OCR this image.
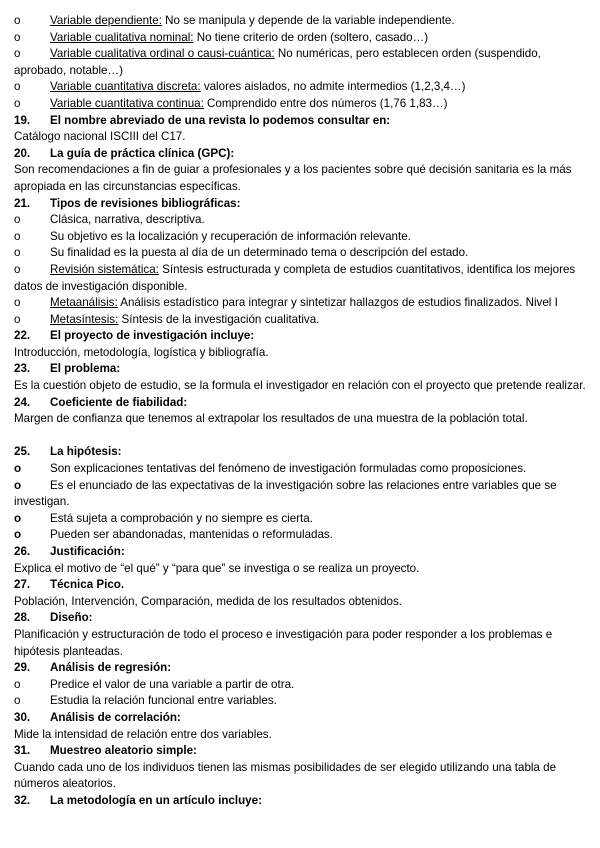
o	Variable dependiente: No se manipula y depende de la variable independiente.
o	Variable cualitativa nominal: No tiene criterio de orden (soltero, casado…)
o	Variable cualitativa ordinal o causi-cuántica: No numéricas, pero establecen orden (suspendido, aprobado, notable…)
o	Variable cuantitativa discreta: valores aislados, no admite intermedios (1,2,3,4…)
o	Variable cuantitativa continua: Comprendido entre dos números (1,76 1,83…)
19. El nombre abreviado de una revista lo podemos consultar en:
Catálogo nacional ISCIII del C17.
20. La guía de práctica clínica (GPC):
Son recomendaciones a fin de guiar a profesionales y a los pacientes sobre qué decisión sanitaria es la más apropiada en las circunstancias específicas.
21. Tipos de revisiones bibliográficas:
o	Clásica, narrativa, descriptiva.
o	Su objetivo es la localización y recuperación de información relevante.
o	Su finalidad es la puesta al día de un determinado tema o descripción del estado.
o	Revisión sistemática: Síntesis estructurada y completa de estudios cuantitativos, identifica los mejores datos de investigación disponible.
o	Metaanálisis: Análisis estadístico para integrar y sintetizar hallazgos de estudios finalizados. Nivel I
o	Metasíntesis: Síntesis de la investigación cualitativa.
22. El proyecto de investigación incluye:
Introducción, metodología, logística y bibliografía.
23. El problema:
Es la cuestión objeto de estudio, se la formula el investigador en relación con el proyecto que pretende realizar.
24. Coeficiente de fiabilidad:
Margen de confianza que tenemos al extrapolar los resultados de una muestra de la población total.
25. La hipótesis:
o Son explicaciones tentativas del fenómeno de investigación formuladas como proposiciones.
o Es el enunciado de las expectativas de la investigación sobre las relaciones entre variables que se investigan.
o Está sujeta a comprobación y no siempre es cierta.
o Pueden ser abandonadas, mantenidas o reformuladas.
26. Justificación:
Explica el motivo de “el qué” y “para que” se investiga o se realiza un proyecto.
27. Técnica Pico.
Población, Intervención, Comparación, medida de los resultados obtenidos.
28. Diseño:
Planificación y estructuración de todo el proceso e investigación para poder responder a los problemas e hipótesis planteadas.
29. Análisis de regresión:
o	Predice el valor de una variable a partir de otra.
o	Estudia la relación funcional entre variables.
30. Análisis de correlación:
Mide la intensidad de relación entre dos variables.
31. Muestreo aleatorio simple:
Cuando cada uno de los individuos tienen las mismas posibilidades de ser elegido utilizando una tabla de números aleatorios.
32. La metodología en un artículo incluye:
